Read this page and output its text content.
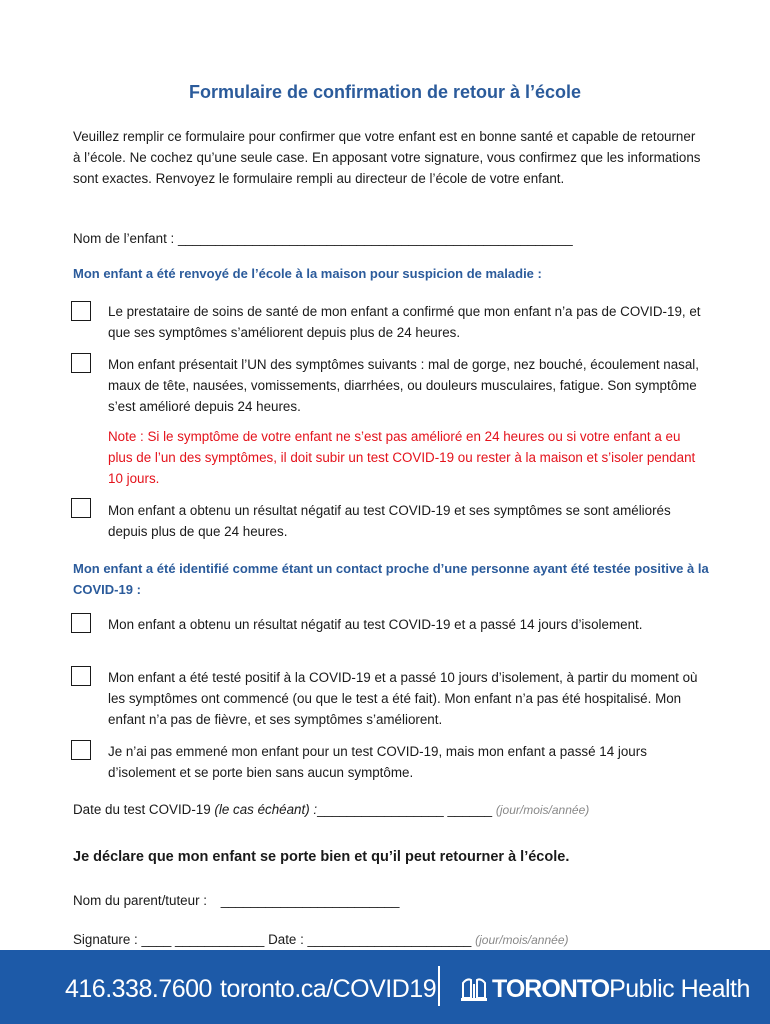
Formulaire de confirmation de retour à l’école

Veuillez remplir ce formulaire pour confirmer que votre enfant est en bonne santé et capable de retourner à l’école. Ne cochez qu’une seule case. En apposant votre signature, vous confirmez que les informations sont exactes. Renvoyez le formulaire rempli au directeur de l’école de votre enfant.

Nom de l’enfant : _____________________________________________________

Mon enfant a été renvoyé de l’école à la maison pour suspicion de maladie :

Le prestataire de soins de santé de mon enfant a confirmé que mon enfant n’a pas de COVID-19, et que ses symptômes s’améliorent depuis plus de 24 heures.

Mon enfant présentait l’UN des symptômes suivants : mal de gorge, nez bouché, écoulement nasal, maux de tête, nausées, vomissements, diarrhées, ou douleurs musculaires, fatigue. Son symptôme s’est amélioré depuis 24 heures.

Note : Si le symptôme de votre enfant ne s’est pas amélioré en 24 heures ou si votre enfant a eu plus de l’un des symptômes, il doit subir un test COVID-19 ou rester à la maison et s’isoler pendant 10 jours.

Mon enfant a obtenu un résultat négatif au test COVID-19 et ses symptômes se sont améliorés depuis plus de que 24 heures.

Mon enfant a été identifié comme étant un contact proche d’une personne ayant été testée positive à la COVID-19 :

Mon enfant a obtenu un résultat négatif au test COVID-19 et a passé 14 jours d’isolement.

Mon enfant a été testé positif à la COVID-19 et a passé 10 jours d’isolement, à partir du moment où les symptômes ont commencé (ou que le test a été fait). Mon enfant n’a pas été hospitalisé. Mon enfant n’a pas de fièvre, et ses symptômes s’améliorent.

Je n’ai pas emmené mon enfant pour un test COVID-19, mais mon enfant a passé 14 jours d’isolement et se porte bien sans aucun symptôme.

Date du test COVID-19 (le cas échéant) :_________________ ______ (jour/mois/année)

Je déclare que mon enfant se porte bien et qu’il peut retourner à l’école.

Nom du parent/tuteur : ________________________

Signature : ____ ____________ Date : ______________________ (jour/mois/année)

416.338.7600 toronto.ca/COVID19 TORONTOPublic Health
